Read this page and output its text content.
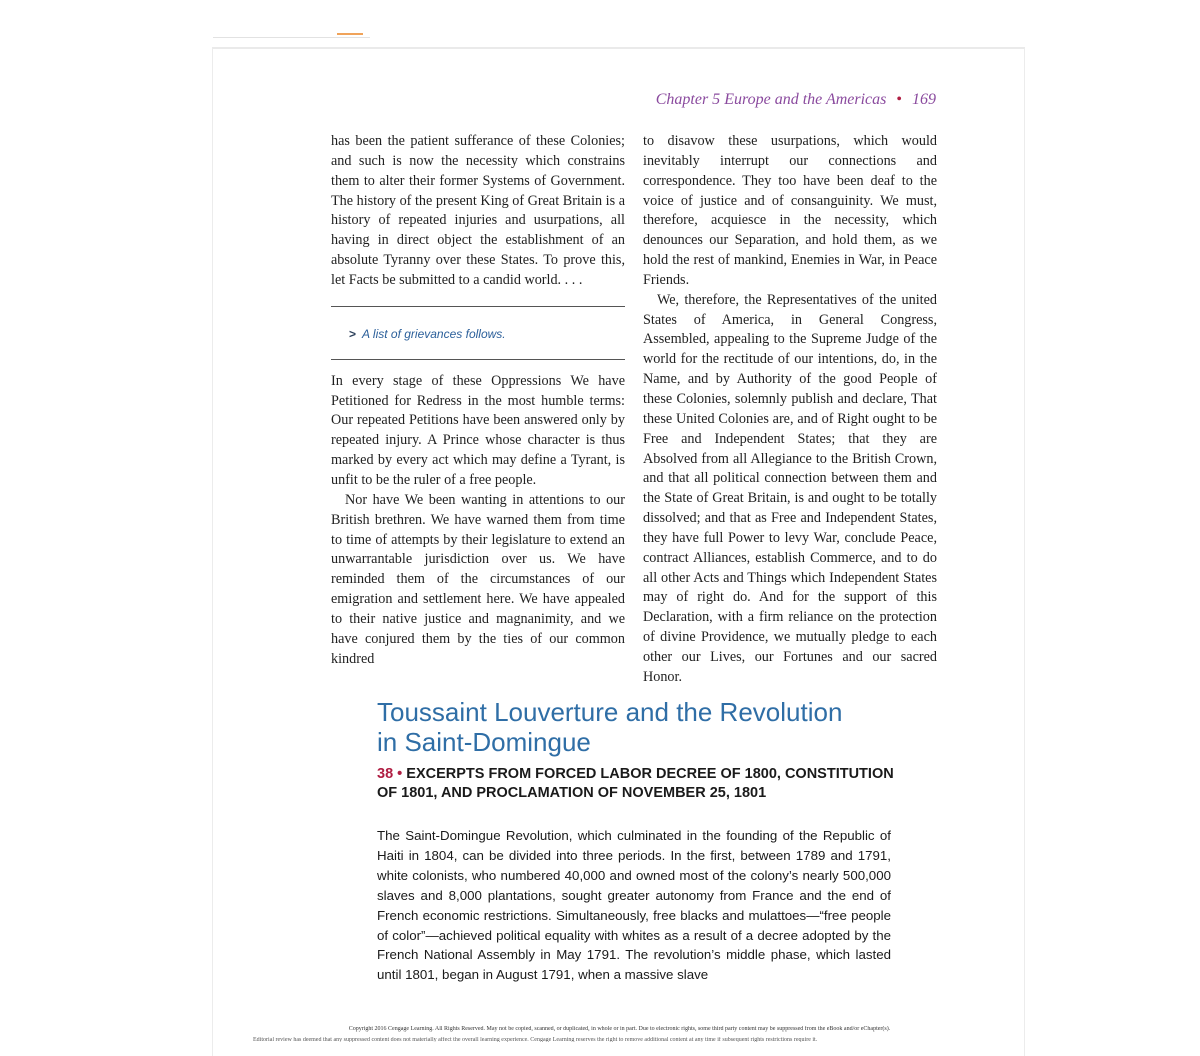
Chapter 5 Europe and the Americas • 169

has been the patient sufferance of these Colonies; and such is now the necessity which constrains them to alter their former Systems of Government. The history of the present King of Great Britain is a history of repeated injuries and usurpations, all having in direct object the establishment of an absolute Tyranny over these States. To prove this, let Facts be submitted to a candid world. . . .

> A list of grievances follows.

In every stage of these Oppressions We have Petitioned for Redress in the most humble terms: Our repeated Petitions have been answered only by repeated injury. A Prince whose character is thus marked by every act which may define a Tyrant, is unfit to be the ruler of a free people.

Nor have We been wanting in attentions to our British brethren. We have warned them from time to time of attempts by their legislature to extend an unwarrantable jurisdiction over us. We have reminded them of the circumstances of our emigration and settlement here. We have appealed to their native justice and magnanimity, and we have conjured them by the ties of our common kindred

to disavow these usurpations, which would inevitably interrupt our connections and correspondence. They too have been deaf to the voice of justice and of consanguinity. We must, therefore, acquiesce in the necessity, which denounces our Separation, and hold them, as we hold the rest of mankind, Enemies in War, in Peace Friends.

We, therefore, the Representatives of the united States of America, in General Congress, Assembled, appealing to the Supreme Judge of the world for the rectitude of our intentions, do, in the Name, and by Authority of the good People of these Colonies, solemnly publish and declare, That these United Colonies are, and of Right ought to be Free and Independent States; that they are Absolved from all Allegiance to the British Crown, and that all political connection between them and the State of Great Britain, is and ought to be totally dissolved; and that as Free and Independent States, they have full Power to levy War, conclude Peace, contract Alliances, establish Commerce, and to do all other Acts and Things which Independent States may of right do. And for the support of this Declaration, with a firm reliance on the protection of divine Providence, we mutually pledge to each other our Lives, our Fortunes and our sacred Honor.

Toussaint Louverture and the Revolution
in Saint-Domingue
38 • EXCERPTS FROM FORCED LABOR DECREE OF 1800, CONSTITUTION OF 1801, AND PROCLAMATION OF NOVEMBER 25, 1801
The Saint-Domingue Revolution, which culminated in the founding of the Republic of Haiti in 1804, can be divided into three periods. In the first, between 1789 and 1791, white colonists, who numbered 40,000 and owned most of the colony’s nearly 500,000 slaves and 8,000 plantations, sought greater autonomy from France and the end of French economic restrictions. Simultaneously, free blacks and mulattoes—“free people of color”—achieved political equality with whites as a result of a decree adopted by the French National Assembly in May 1791. The revolution’s middle phase, which lasted until 1801, began in August 1791, when a massive slave
Copyright 2016 Cengage Learning. All Rights Reserved. May not be copied, scanned, or duplicated, in whole or in part. Due to electronic rights, some third party content may be suppressed from the eBook and/or eChapter(s).
Editorial review has deemed that any suppressed content does not materially affect the overall learning experience. Cengage Learning reserves the right to remove additional content at any time if subsequent rights restrictions require it.
